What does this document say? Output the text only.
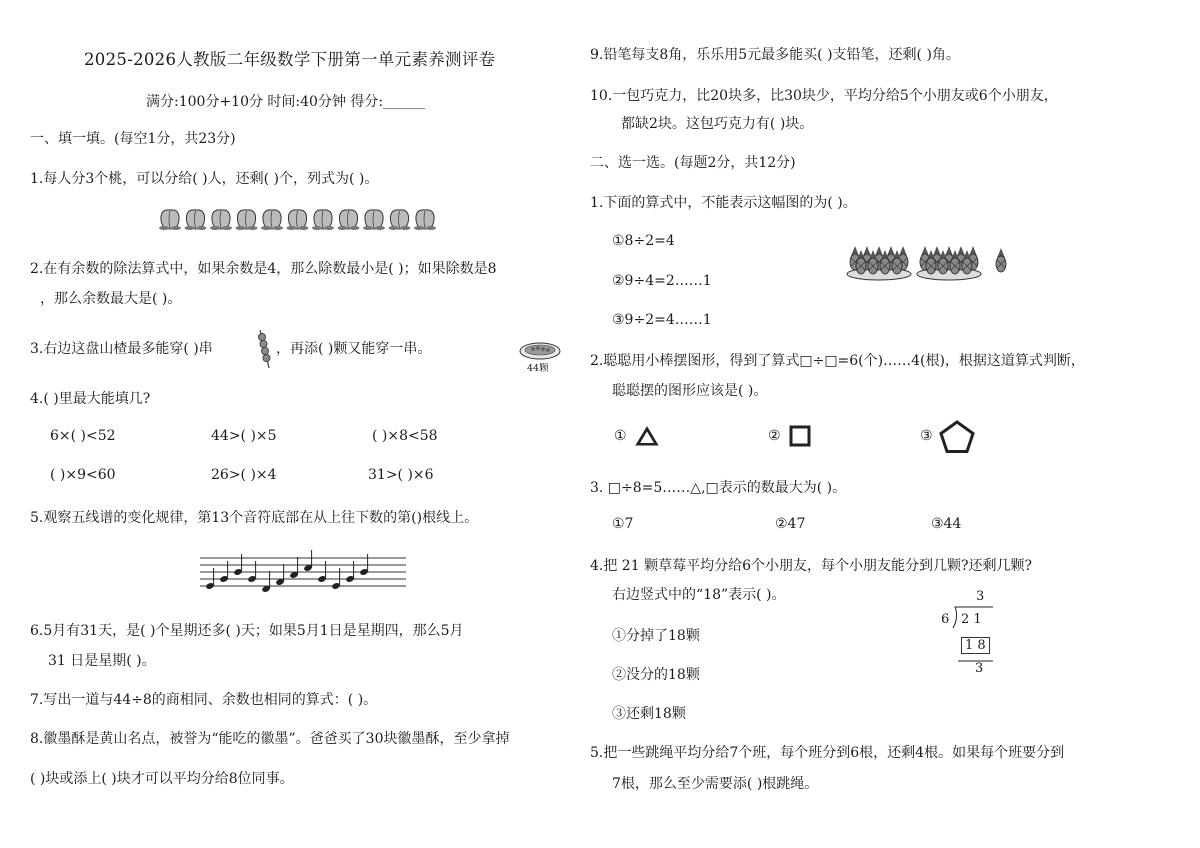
2025-2026人教版二年级数学下册第一单元素养测评卷
满分:100分+10分 时间:40分钟 得分:______
一、填一填。(每空1分，共23分)
1.每人分3个桃，可以分给( )人，还剩( )个，列式为( )。
2.在有余数的除法算式中，如果余数是4，那么除数最小是( )；如果除数是8
，那么余数最大是( )。
3.右边这盘山楂最多能穿( )串	，再添( )颗又能穿一串。
44颗
4.( )里最大能填几?
6×( )<52	44>( )×5	( )×8<58
( )×9<60	26>( )×4	31>( )×6
5.观察五线谱的变化规律，第13个音符底部在从上往下数的第()根线上。
6.5月有31天，是( )个星期还多( )天；如果5月1日是星期四，那么5月
31 日是星期( )。
7.写出一道与44÷8的商相同、余数也相同的算式：( )。
8.徽墨酥是黄山名点，被誉为“能吃的徽墨”。爸爸买了30块徽墨酥，至少拿掉
( )块或添上( )块才可以平均分给8位同事。
9.铅笔每支8角，乐乐用5元最多能买( )支铅笔，还剩( )角。
10.一包巧克力，比20块多，比30块少，平均分给5个小朋友或6个小朋友，
都缺2块。这包巧克力有( )块。
二、选一选。(每题2分，共12分)
1.下面的算式中，不能表示这幅图的为( )。
①8÷2=4
②9÷4=2……1
③9÷2=4……1
2.聪聪用小棒摆图形，得到了算式□÷□=6(个)……4(根)，根据这道算式判断，
聪聪摆的图形应该是( )。
①	②	③
3. □÷8=5……△,□表示的数最大为( )。
①7	②47	③44
4.把 21 颗草莓平均分给6个小朋友，每个小朋友能分到几颗?还剩几颗?
右边竖式中的“18”表示( )。
①分掉了18颗
②没分的18颗
③还剩18颗
3
6 2 1
1 8
3
5.把一些跳绳平均分给7个班，每个班分到6根，还剩4根。如果每个班要分到
7根，那么至少需要添( )根跳绳。
